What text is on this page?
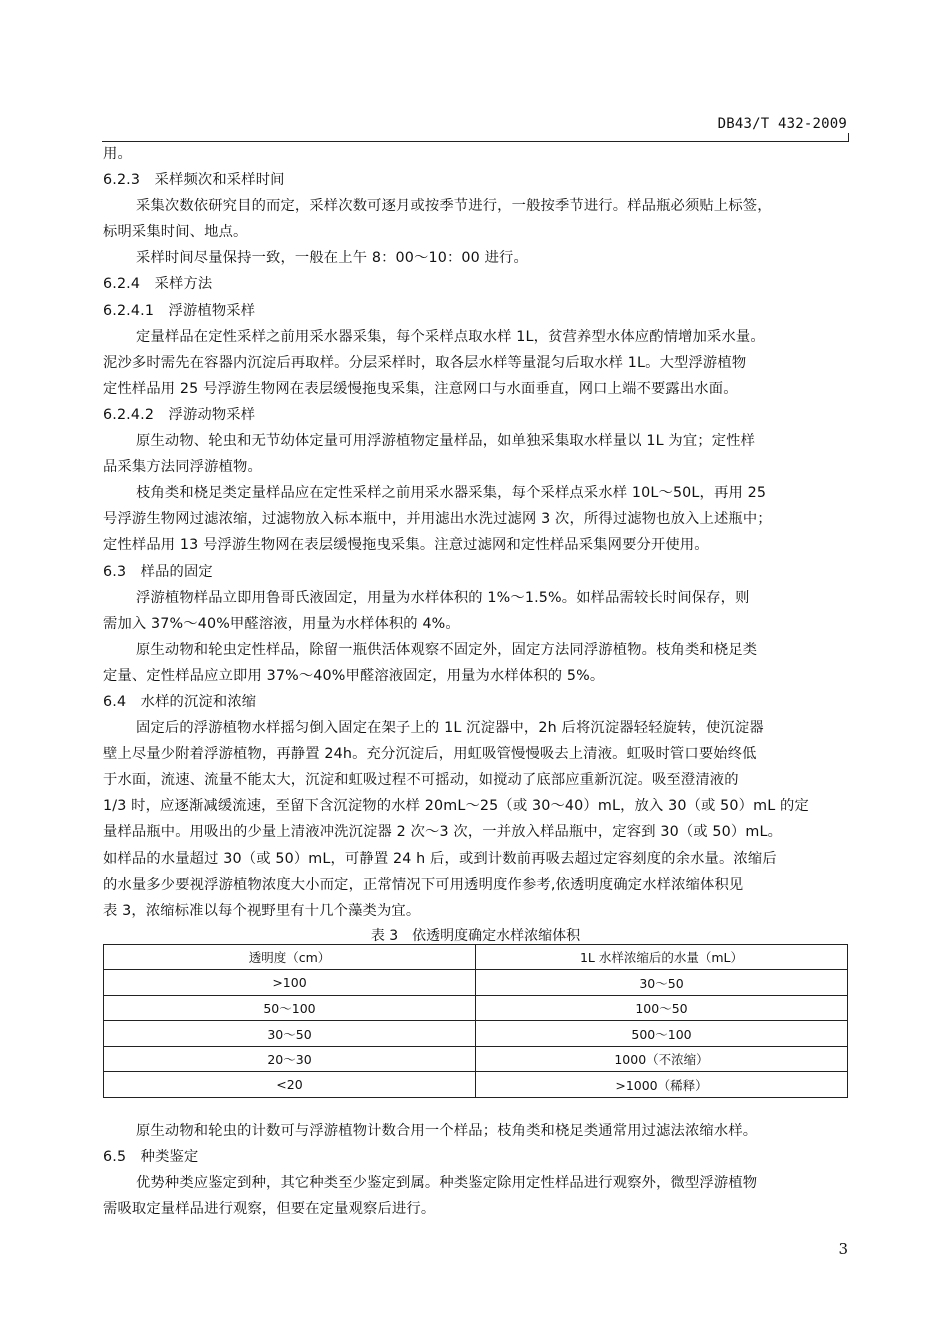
DB43/T 432-2009
用。
6.2.3　采样频次和采样时间
采集次数依研究目的而定，采样次数可逐月或按季节进行，一般按季节进行。样品瓶必须贴上标签，
标明采集时间、地点。
采样时间尽量保持一致，一般在上午 8：00～10：00 进行。
6.2.4　采样方法
6.2.4.1　浮游植物采样
定量样品在定性采样之前用采水器采集，每个采样点取水样 1L，贫营养型水体应酌情增加采水量。
泥沙多时需先在容器内沉淀后再取样。分层采样时，取各层水样等量混匀后取水样 1L。大型浮游植物
定性样品用 25 号浮游生物网在表层缓慢拖曳采集，注意网口与水面垂直，网口上端不要露出水面。
6.2.4.2　浮游动物采样
原生动物、轮虫和无节幼体定量可用浮游植物定量样品，如单独采集取水样量以 1L 为宜；定性样
品采集方法同浮游植物。
枝角类和桡足类定量样品应在定性采样之前用采水器采集，每个采样点采水样 10L～50L，再用 25
号浮游生物网过滤浓缩，过滤物放入标本瓶中，并用滤出水洗过滤网 3 次，所得过滤物也放入上述瓶中；
定性样品用 13 号浮游生物网在表层缓慢拖曳采集。注意过滤网和定性样品采集网要分开使用。
6.3　样品的固定
浮游植物样品立即用鲁哥氏液固定，用量为水样体积的 1%～1.5%。如样品需较长时间保存，则
需加入 37%～40%甲醛溶液，用量为水样体积的 4%。
原生动物和轮虫定性样品，除留一瓶供活体观察不固定外，固定方法同浮游植物。枝角类和桡足类
定量、定性样品应立即用 37%～40%甲醛溶液固定，用量为水样体积的 5%。
6.4　水样的沉淀和浓缩
固定后的浮游植物水样摇匀倒入固定在架子上的 1L 沉淀器中，2h 后将沉淀器轻轻旋转，使沉淀器
壁上尽量少附着浮游植物，再静置 24h。充分沉淀后，用虹吸管慢慢吸去上清液。虹吸时管口要始终低
于水面，流速、流量不能太大，沉淀和虹吸过程不可摇动，如搅动了底部应重新沉淀。吸至澄清液的
1/3 时，应逐渐减缓流速，至留下含沉淀物的水样 20mL～25（或 30～40）mL，放入 30（或 50）mL 的定
量样品瓶中。用吸出的少量上清液冲洗沉淀器 2 次～3 次，一并放入样品瓶中，定容到 30（或 50）mL。
如样品的水量超过 30（或 50）mL，可静置 24 h 后，或到计数前再吸去超过定容刻度的余水量。浓缩后
的水量多少要视浮游植物浓度大小而定，正常情况下可用透明度作参考,依透明度确定水样浓缩体积见
表 3，浓缩标准以每个视野里有十几个藻类为宜。
表 3　依透明度确定水样浓缩体积
透明度（cm）	1L 水样浓缩后的水量（mL）
>100	30～50
50～100	100～50
30～50	500～100
20～30	1000（不浓缩）
<20	>1000（稀释）
原生动物和轮虫的计数可与浮游植物计数合用一个样品；枝角类和桡足类通常用过滤法浓缩水样。
6.5　种类鉴定
优势种类应鉴定到种，其它种类至少鉴定到属。种类鉴定除用定性样品进行观察外，微型浮游植物
需吸取定量样品进行观察，但要在定量观察后进行。
3
